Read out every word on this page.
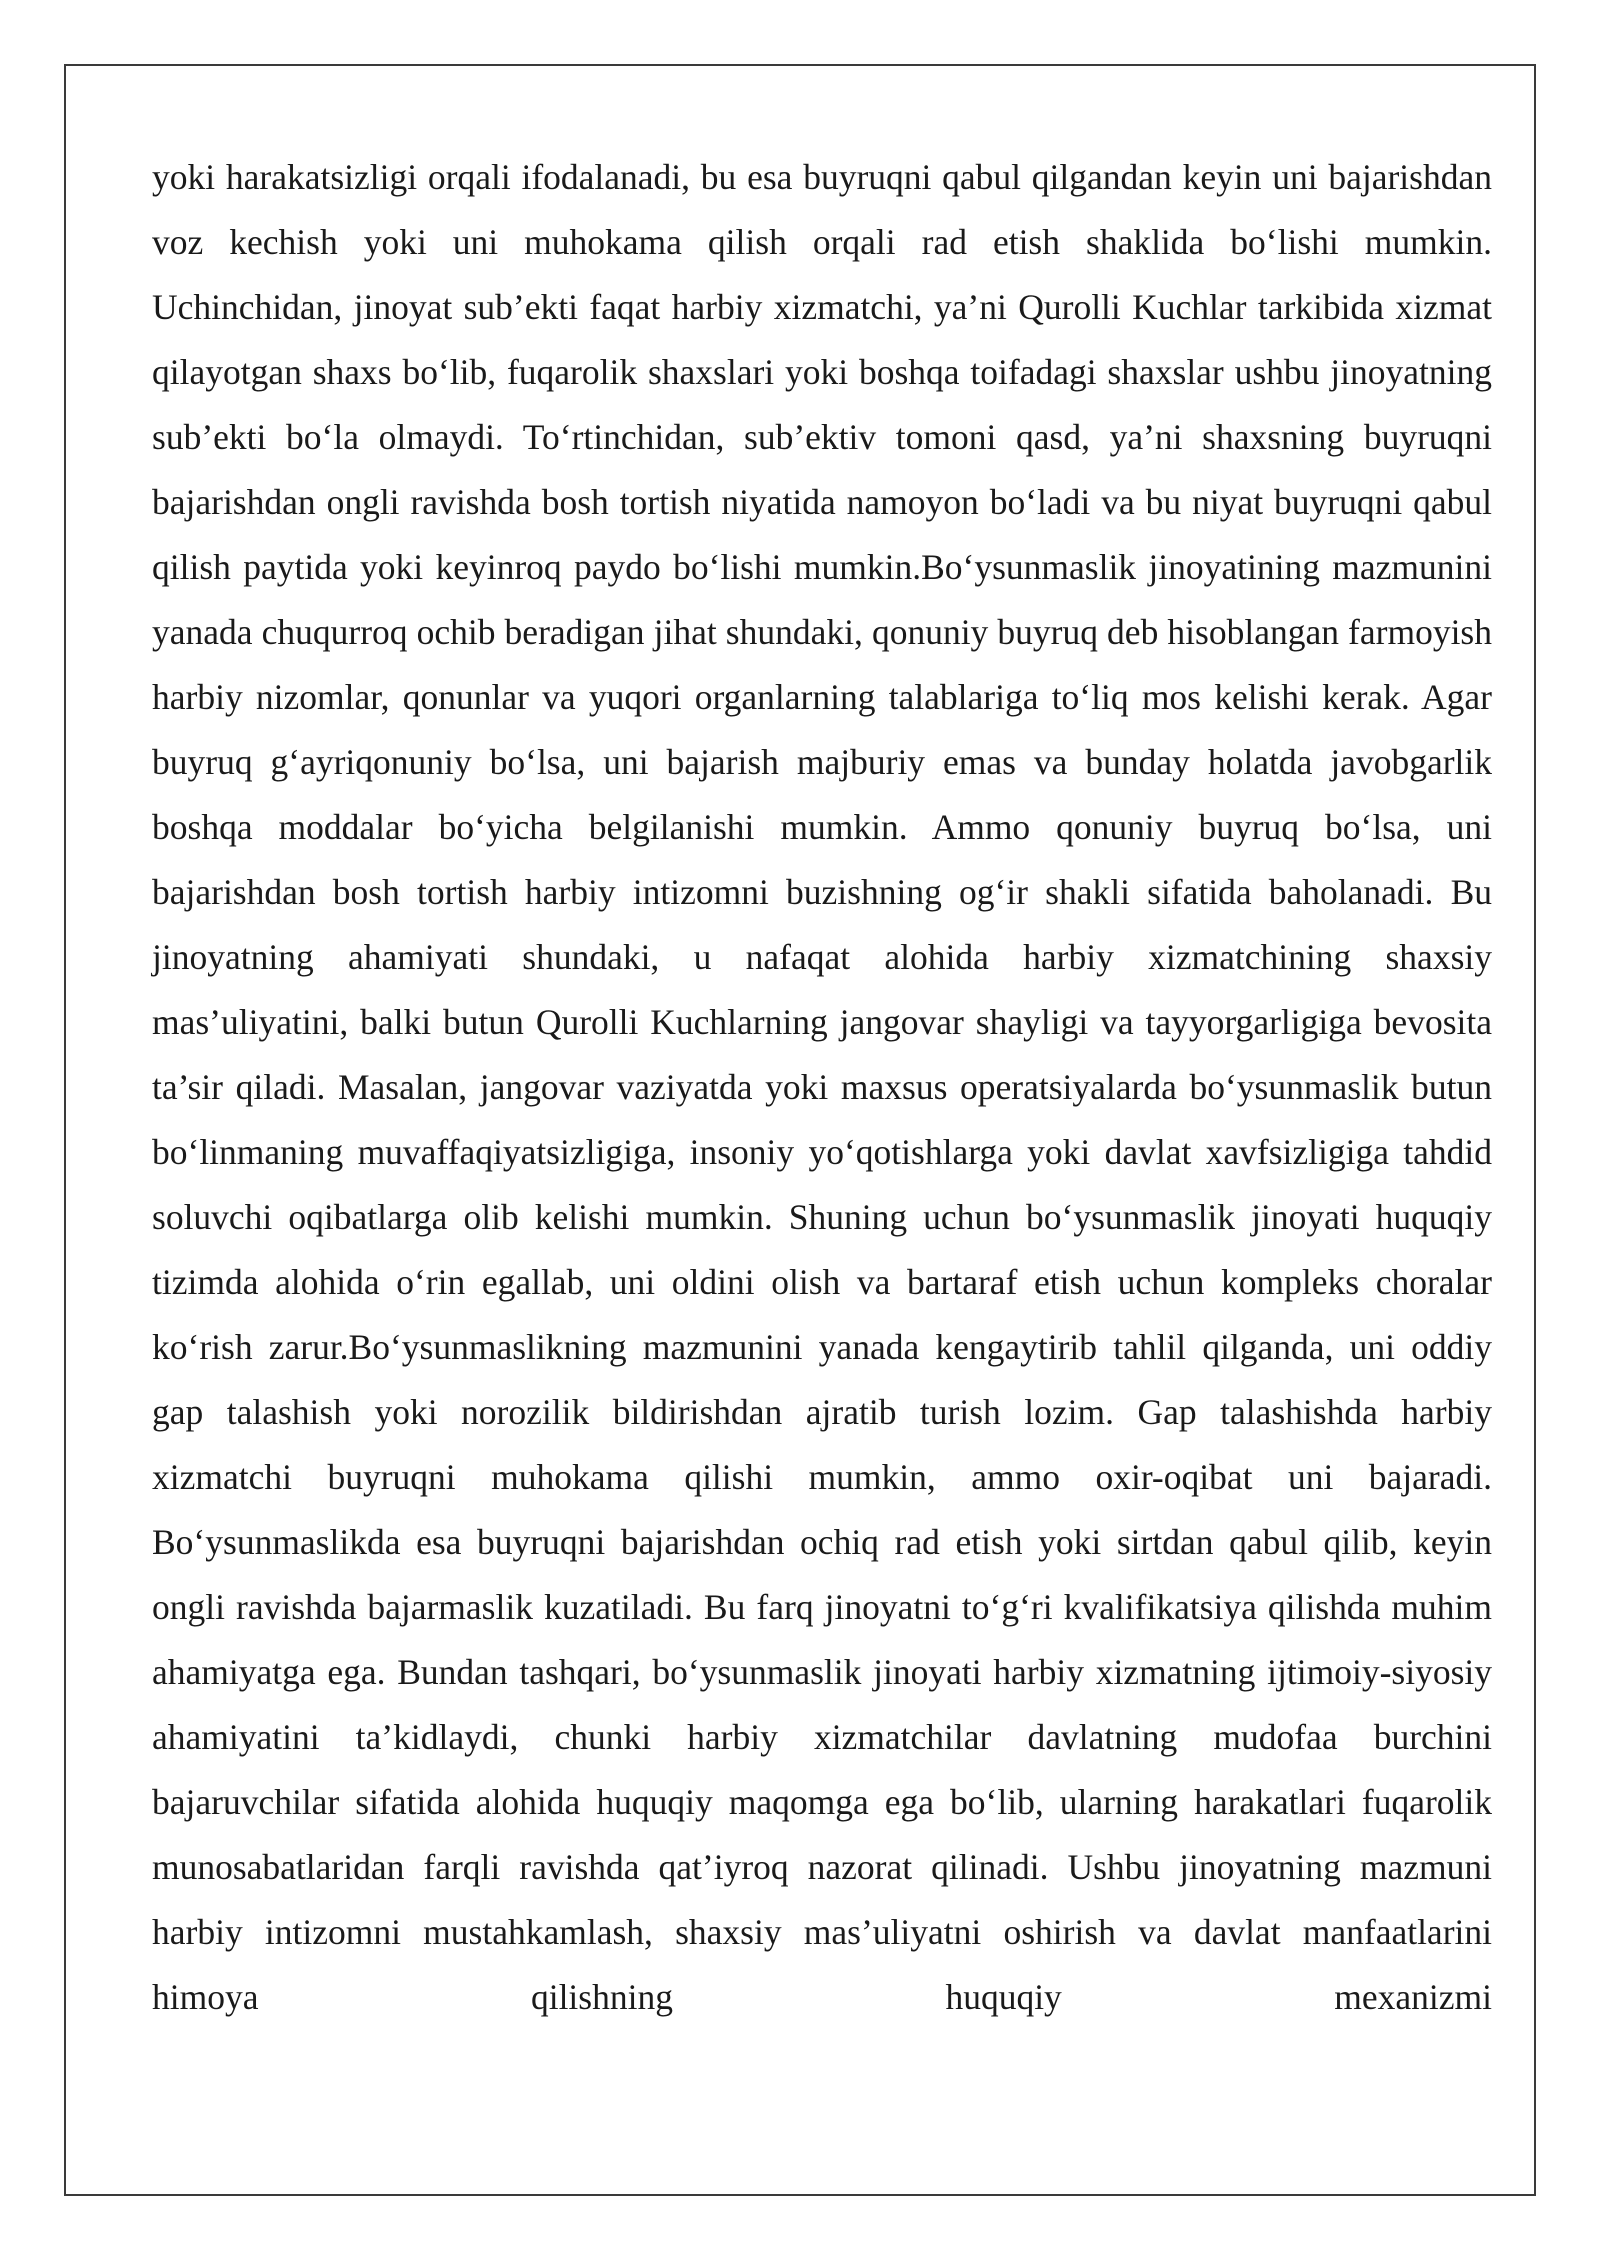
yoki harakatsizligi orqali ifodalanadi, bu esa buyruqni qabul qilgandan keyin uni bajarishdan voz kechish yoki uni muhokama qilish orqali rad etish shaklida bo‘lishi mumkin. Uchinchidan, jinoyat sub’ekti faqat harbiy xizmatchi, ya’ni Qurolli Kuchlar tarkibida xizmat qilayotgan shaxs bo‘lib, fuqarolik shaxslari yoki boshqa toifadagi shaxslar ushbu jinoyatning sub’ekti bo‘la olmaydi. To‘rtinchidan, sub’ektiv tomoni qasd, ya’ni shaxsning buyruqni bajarishdan ongli ravishda bosh tortish niyatida namoyon bo‘ladi va bu niyat buyruqni qabul qilish paytida yoki keyinroq paydo bo‘lishi mumkin.Bo‘ysunmaslik jinoyatining mazmunini yanada chuqurroq ochib beradigan jihat shundaki, qonuniy buyruq deb hisoblangan farmoyish harbiy nizomlar, qonunlar va yuqori organlarning talablariga to‘liq mos kelishi kerak. Agar buyruq g‘ayriqonuniy bo‘lsa, uni bajarish majburiy emas va bunday holatda javobgarlik boshqa moddalar bo‘yicha belgilanishi mumkin. Ammo qonuniy buyruq bo‘lsa, uni bajarishdan bosh tortish harbiy intizomni buzishning og‘ir shakli sifatida baholanadi. Bu jinoyatning ahamiyati shundaki, u nafaqat alohida harbiy xizmatchining shaxsiy mas’uliyatini, balki butun Qurolli Kuchlarning jangovar shayligi va tayyorgarligiga bevosita ta’sir qiladi. Masalan, jangovar vaziyatda yoki maxsus operatsiyalarda bo‘ysunmaslik butun bo‘linmaning muvaffaqiyatsizligiga, insoniy yo‘qotishlarga yoki davlat xavfsizligiga tahdid soluvchi oqibatlarga olib kelishi mumkin. Shuning uchun bo‘ysunmaslik jinoyati huquqiy tizimda alohida o‘rin egallab, uni oldini olish va bartaraf etish uchun kompleks choralar ko‘rish zarur.Bo‘ysunmaslikning mazmunini yanada kengaytirib tahlil qilganda, uni oddiy gap talashish yoki norozilik bildirishdan ajratib turish lozim. Gap talashishda harbiy xizmatchi buyruqni muhokama qilishi mumkin, ammo oxir-oqibat uni bajaradi. Bo‘ysunmaslikda esa buyruqni bajarishdan ochiq rad etish yoki sirtdan qabul qilib, keyin ongli ravishda bajarmaslik kuzatiladi. Bu farq jinoyatni to‘g‘ri kvalifikatsiya qilishda muhim ahamiyatga ega. Bundan tashqari, bo‘ysunmaslik jinoyati harbiy xizmatning ijtimoiy-siyosiy ahamiyatini ta’kidlaydi, chunki harbiy xizmatchilar davlatning mudofaa burchini bajaruvchilar sifatida alohida huquqiy maqomga ega bo‘lib, ularning harakatlari fuqarolik munosabatlaridan farqli ravishda qat’iyroq nazorat qilinadi. Ushbu jinoyatning mazmuni harbiy intizomni mustahkamlash, shaxsiy mas’uliyatni oshirish va davlat manfaatlarini himoya qilishning huquqiy mexanizmi
